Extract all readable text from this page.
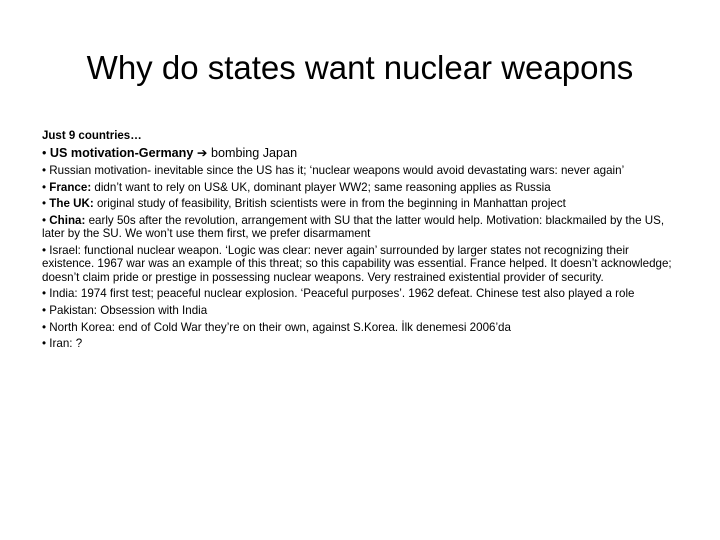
Why do states want nuclear weapons
Just 9 countries…
• US motivation-Germany ➔ bombing Japan
• Russian motivation- inevitable since the US has it; ‘nuclear weapons would avoid devastating wars: never again’
• France: didn’t want to rely on US& UK, dominant player WW2; same reasoning applies as Russia
• The UK: original study of feasibility, British scientists were in from the beginning in Manhattan project
• China: early 50s after the revolution, arrangement with SU that the latter would help. Motivation: blackmailed by the US, later by the SU. We won’t use them first, we prefer disarmament
• Israel: functional nuclear weapon. ‘Logic was clear: never again’ surrounded by larger states not recognizing their existence. 1967 war was an example of this threat; so this capability was essential. France helped. It doesn’t acknowledge; doesn’t claim pride or prestige in possessing nuclear weapons. Very restrained existential provider of security.
• India: 1974 first test; peaceful nuclear explosion. ‘Peaceful purposes’. 1962 defeat. Chinese test also played a role
• Pakistan: Obsession with India
• North Korea: end of Cold War they’re on their own, against S.Korea. İlk denemesi 2006’da
• Iran: ?
